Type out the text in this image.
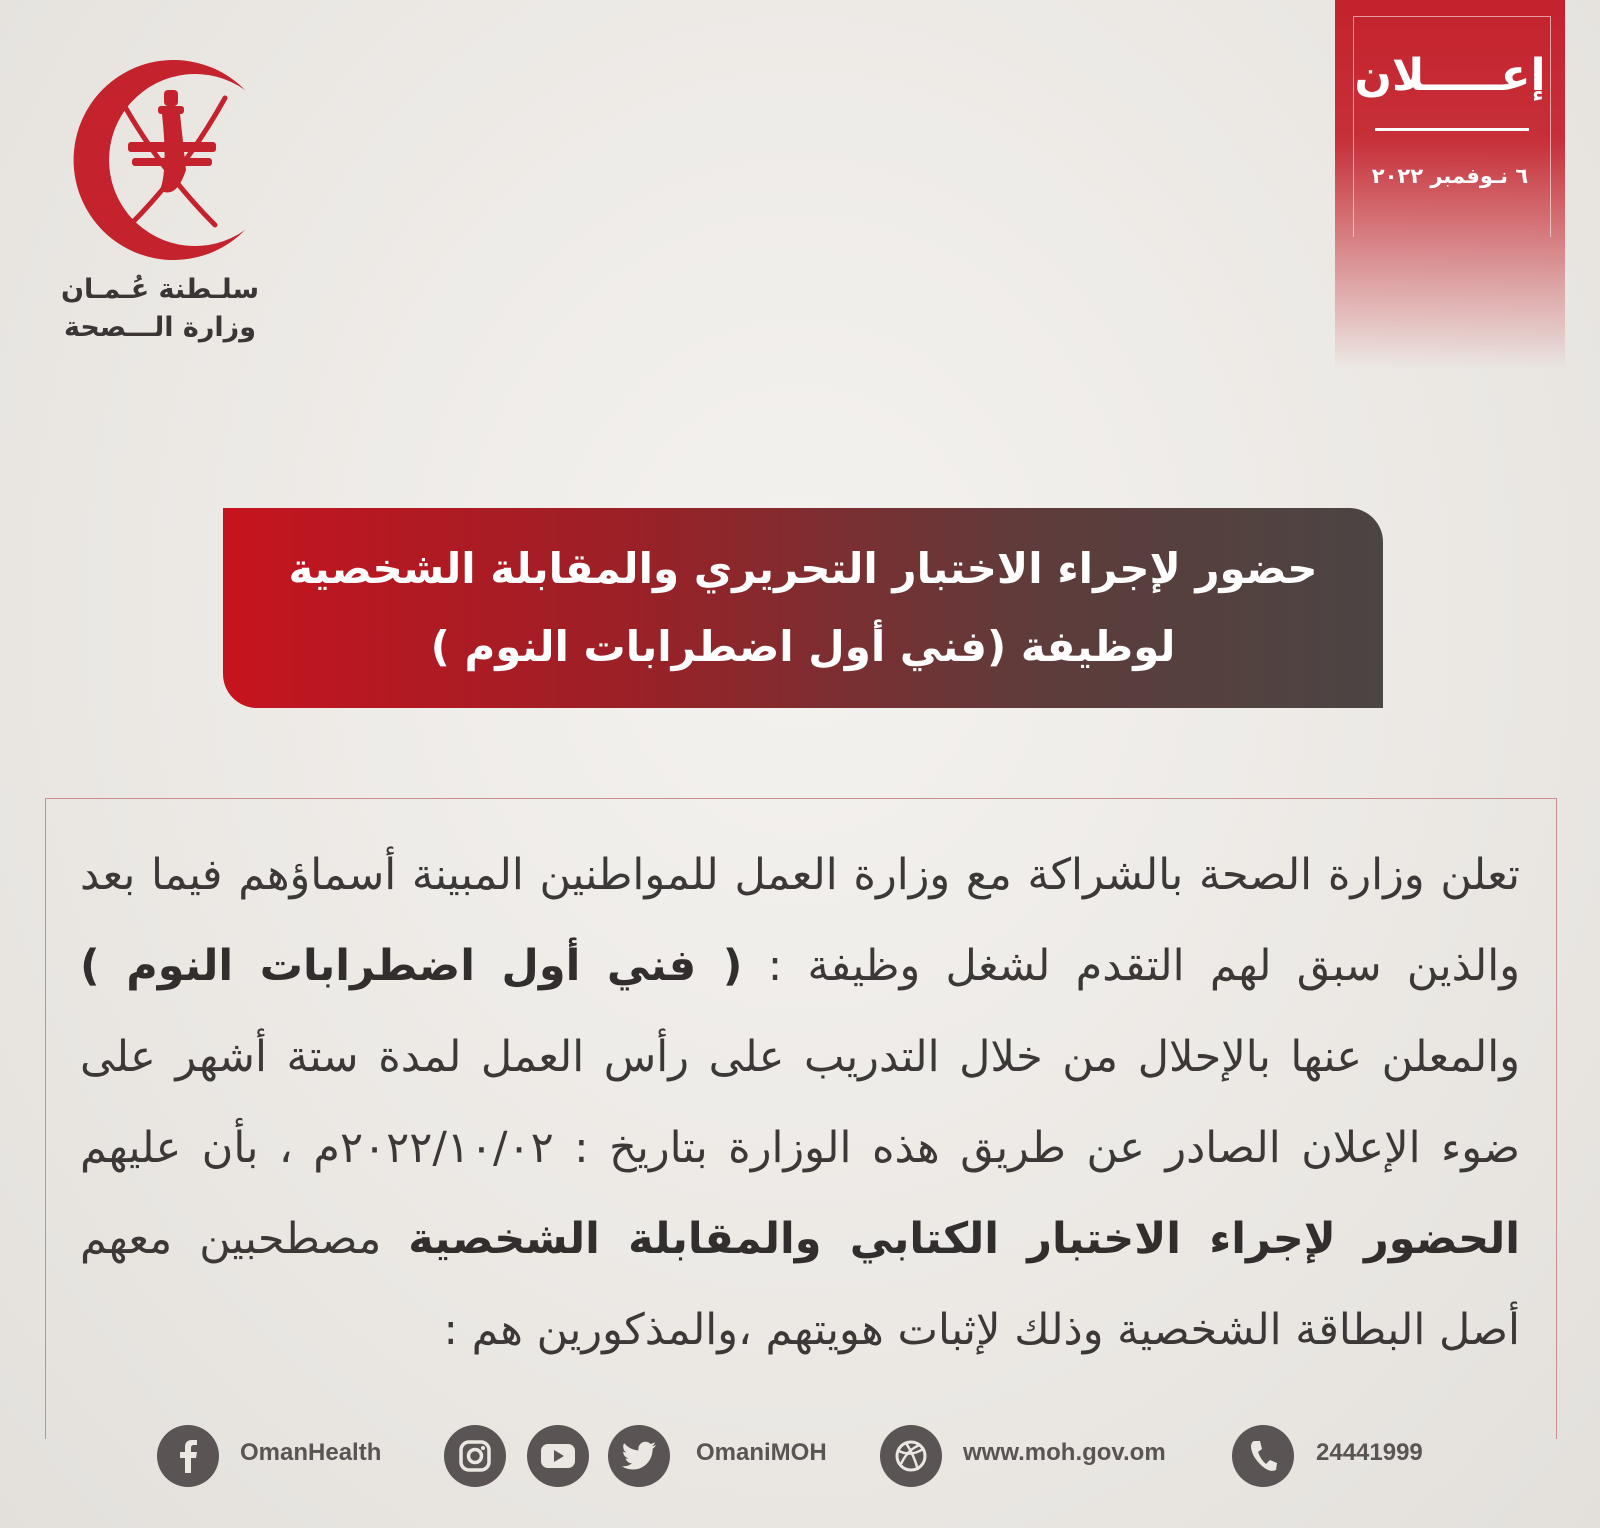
إعـــــلان
٦ نـوفمبر ٢٠٢٢
سلـطنة عُـمـان
وزارة الـــصحة
حضور لإجراء الاختبار التحريري والمقابلة الشخصية
لوظيفة (فني أول اضطرابات النوم )
تعلن وزارة الصحة بالشراكة مع وزارة العمل للمواطنين المبينة أسماؤهم فيما بعد والذين سبق لهم التقدم لشغل وظيفة : ( فني أول اضطرابات النوم ) والمعلن عنها بالإحلال من خلال التدريب على رأس العمل لمدة ستة أشهر على ضوء الإعلان الصادر عن طريق هذه الوزارة بتاريخ : ٢٠٢٢/١٠/٠٢م ، بأن عليهم الحضور لإجراء الاختبار الكتابي والمقابلة الشخصية مصطحبين معهم أصل البطاقة الشخصية وذلك لإثبات هويتهم ،والمذكورين هم :
OmanHealth	OmaniMOH	www.moh.gov.om	24441999
